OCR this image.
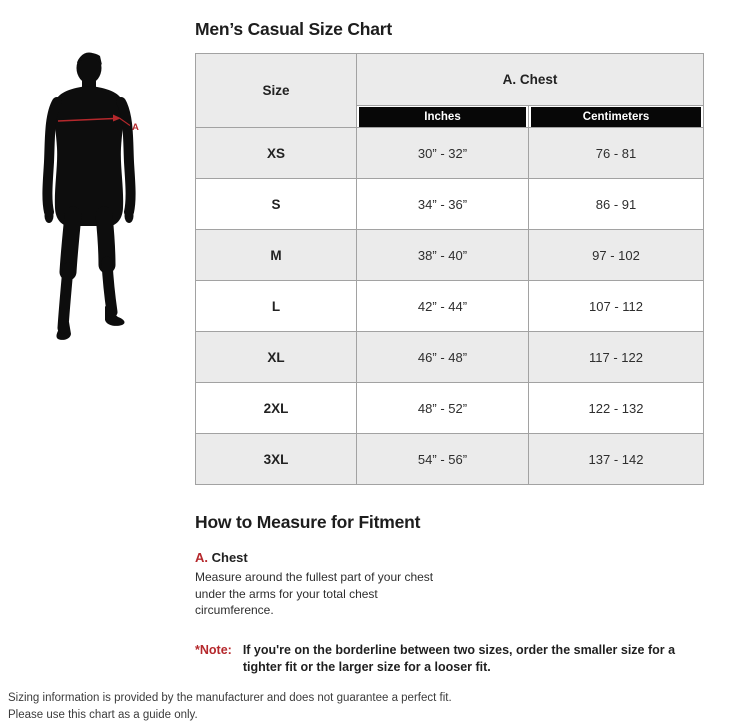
Men’s Casual Size Chart
A
Size	A. Chest	

	Inches	Centimeters

XS	30” - 32”	76 - 81
S	34” - 36”	86 - 91
M	38” - 40”	97 - 102
L	42” - 44”	107 - 112
XL	46” - 48”	117 - 122
2XL	48” - 52”	122 - 132
3XL	54” - 56”	137 - 142
How to Measure for Fitment
A. Chest
Measure around the fullest part of your chest under the arms for your total chest circumference.
*Note: If you're on the borderline between two sizes, order the smaller size for a tighter fit or the larger size for a looser fit.
Sizing information is provided by the manufacturer and does not guarantee a perfect fit.
Please use this chart as a guide only.
